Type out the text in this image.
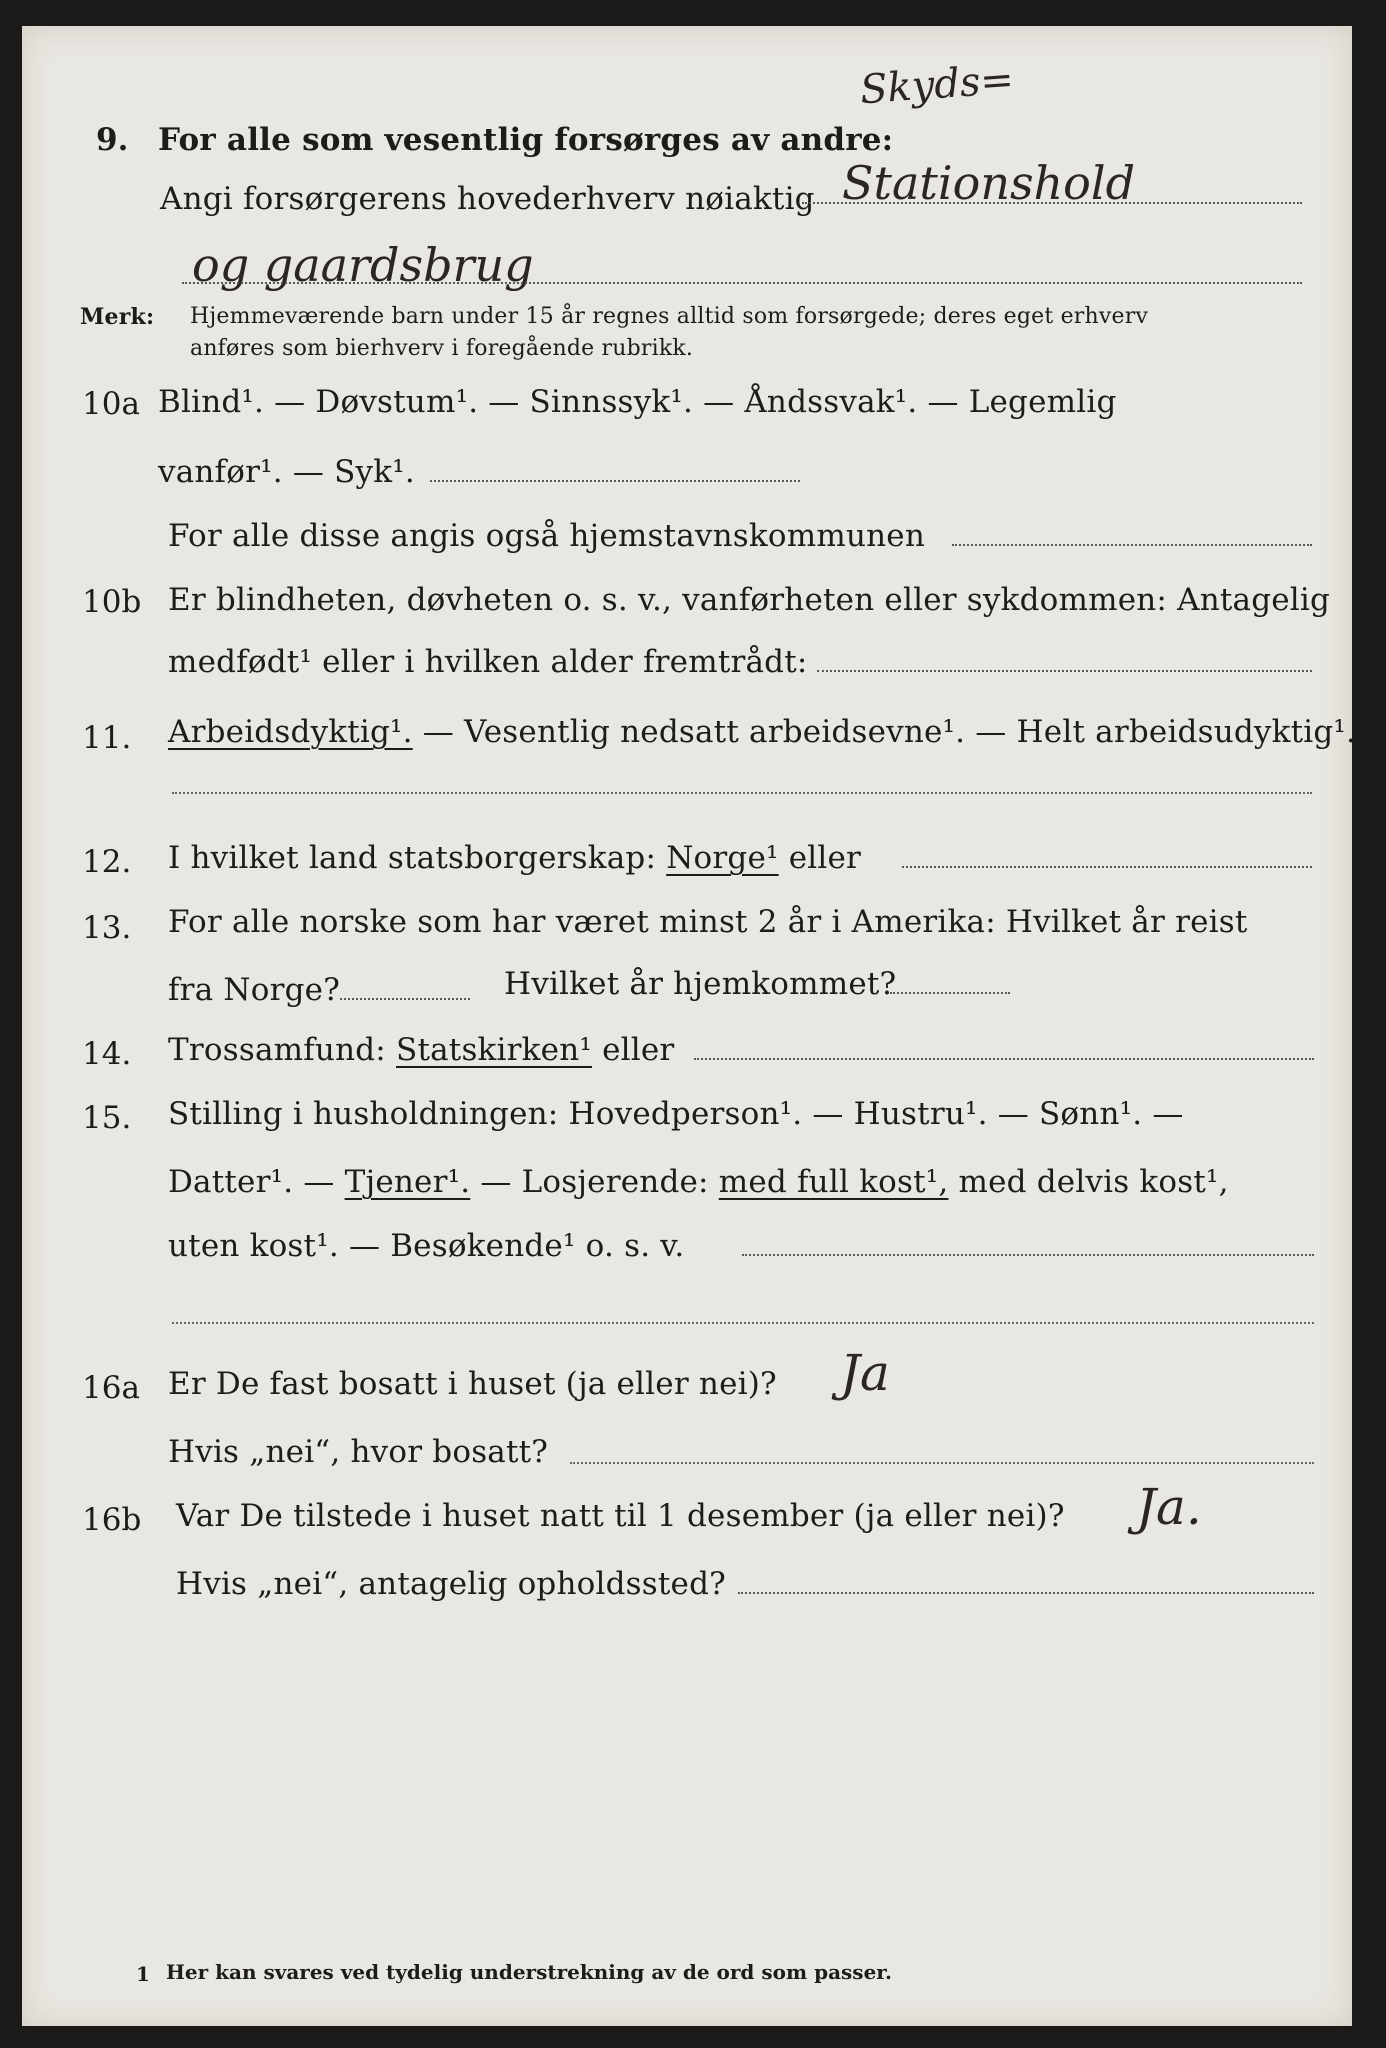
Skyds=
9. For alle som vesentlig forsørges av andre:
Angi forsørgerens hovederhverv nøiaktig Stationshold
og gaardsbrug
Merk: Hjemmeværende barn under 15 år regnes alltid som forsørgede; deres eget erhverv
anføres som bierhverv i foregående rubrikk.
10a Blind¹. — Døvstum¹. — Sinnssyk¹. — Åndssvak¹. — Legemlig
vanfør¹. — Syk¹.
For alle disse angis også hjemstavnskommunen
10b Er blindheten, døvheten o. s. v., vanførheten eller sykdommen: Antagelig
medfødt¹ eller i hvilken alder fremtrådt:
11. Arbeidsdyktig¹. — Vesentlig nedsatt arbeidsevne¹. — Helt arbeidsudyktig¹.
12. I hvilket land statsborgerskap: Norge¹ eller
13. For alle norske som har været minst 2 år i Amerika: Hvilket år reist
fra Norge?	Hvilket år hjemkommet?
14. Trossamfund: Statskirken¹ eller
15. Stilling i husholdningen: Hovedperson¹. — Hustru¹. — Sønn¹. —
Datter¹. — Tjener¹. — Losjerende: med full kost¹, med delvis kost¹,
uten kost¹. — Besøkende¹ o. s. v.
16a Er De fast bosatt i huset (ja eller nei)? Ja
Hvis „nei“, hvor bosatt?
16b Var De tilstede i huset natt til 1 desember (ja eller nei)? Ja.
Hvis „nei“, antagelig opholdssted?
1 Her kan svares ved tydelig understrekning av de ord som passer.
